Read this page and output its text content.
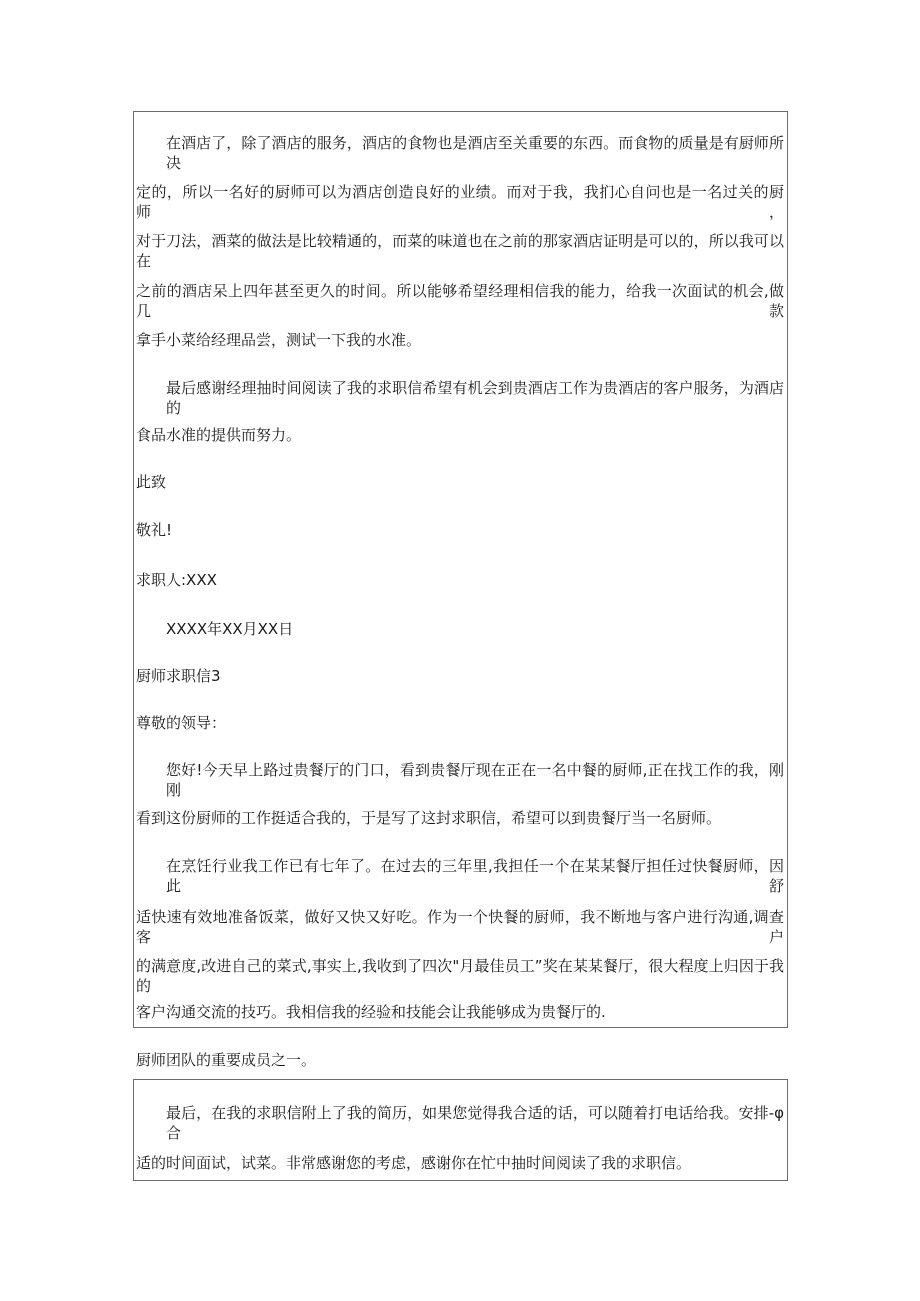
在酒店了，除了酒店的服务，酒店的食物也是酒店至关重要的东西。而食物的质量是有厨师所决
定的，所以一名好的厨师可以为酒店创造良好的业绩。而对于我，我扪心自问也是一名过关的厨师，
对于刀法，酒菜的做法是比较精通的，而菜的味道也在之前的那家酒店证明是可以的，所以我可以在
之前的酒店呆上四年甚至更久的时间。所以能够希望经理相信我的能力，给我一次面试的机会,做几款
拿手小菜给经理品尝，测试一下我的水准。
最后感谢经理抽时间阅读了我的求职信希望有机会到贵酒店工作为贵酒店的客户服务，为酒店的
食品水准的提供而努力。
此致
敬礼!
求职人:XXX
XXXX年XX月XX日
厨师求职信3
尊敬的领导：
您好!今天早上路过贵餐厅的门口，看到贵餐厅现在正在一名中餐的厨师,正在找工作的我，刚刚
看到这份厨师的工作挺适合我的，于是写了这封求职信，希望可以到贵餐厅当一名厨师。
在烹饪行业我工作已有七年了。在过去的三年里,我担任一个在某某餐厅担任过快餐厨师，因此舒
适快速有效地准备饭菜，做好又快又好吃。作为一个快餐的厨师，我不断地与客户进行沟通,调查客户
的满意度,改进自己的菜式,事实上,我收到了四次"月最佳员工”奖在某某餐厅，很大程度上归因于我的
客户沟通交流的技巧。我相信我的经验和技能会让我能够成为贵餐厅的.
厨师团队的重要成员之一。
最后，在我的求职信附上了我的简历，如果您觉得我合适的话，可以随着打电话给我。安排-φ合
适的时间面试，试菜。非常感谢您的考虑，感谢你在忙中抽时间阅读了我的求职信。
